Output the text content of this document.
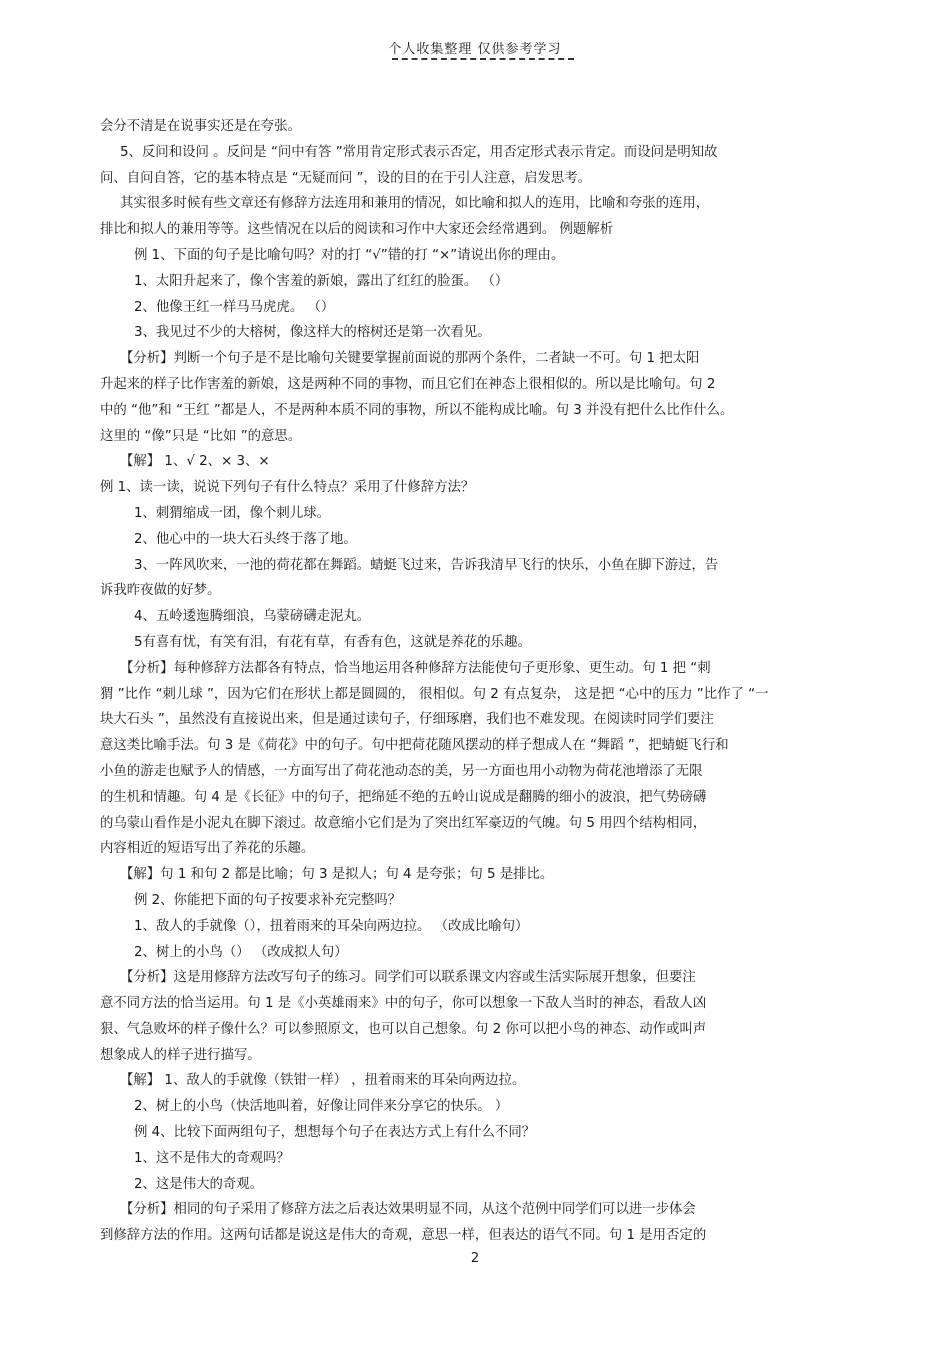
个人收集整理 仅供参考学习
会分不清是在说事实还是在夸张。
5、反问和设问 。反问是 “问中有答 ”常用肯定形式表示否定，用否定形式表示肯定。而设问是明知故
问、自问自答，它的基本特点是 “无疑而问 ”，设的目的在于引人注意，启发思考。
其实很多时候有些文章还有修辞方法连用和兼用的情况，如比喻和拟人的连用，比喻和夸张的连用，
排比和拟人的兼用等等。这些情况在以后的阅读和习作中大家还会经常遇到。 例题解析
例 1、下面的句子是比喻句吗？对的打 “√”错的打 “×”请说出你的理由。
1、太阳升起来了，像个害羞的新娘，露出了红红的脸蛋。 （）
2、他像王红一样马马虎虎。 （）
3、我见过不少的大榕树，像这样大的榕树还是第一次看见。
【分析】判断一个句子是不是比喻句关键要掌握前面说的那两个条件，二者缺一不可。句 1 把太阳
升起来的样子比作害羞的新娘，这是两种不同的事物，而且它们在神态上很相似的。所以是比喻句。句 2
中的 “他”和 “王红 ”都是人，不是两种本质不同的事物，所以不能构成比喻。句 3 并没有把什么比作什么。
这里的 “像”只是 “比如 ”的意思。
【解】 1、√ 2、× 3、×
例 1、读一读，说说下列句子有什么特点？采用了什修辞方法？
1、刺猬缩成一团，像个刺儿球。
2、他心中的一块大石头终于落了地。
3、一阵风吹来，一池的荷花都在舞蹈。蜻蜓飞过来，告诉我清早飞行的快乐，小鱼在脚下游过，告
诉我昨夜做的好梦。
4、五岭逶迤腾细浪，乌蒙磅礴走泥丸。
5有喜有忧，有笑有泪，有花有草，有香有色，这就是养花的乐趣。
【分析】每种修辞方法都各有特点，恰当地运用各种修辞方法能使句子更形象、更生动。句 1 把 “刺
猬 ”比作 “刺儿球 ”，因为它们在形状上都是圆圆的， 很相似。句 2 有点复杂， 这是把 “心中的压力 ”比作了 “一
块大石头 ”，虽然没有直接说出来，但是通过读句子，仔细琢磨，我们也不难发现。在阅读时同学们要注
意这类比喻手法。句 3 是《荷花》中的句子。句中把荷花随风摆动的样子想成人在 “舞蹈 ”，把蜻蜓飞行和
小鱼的游走也赋予人的情感，一方面写出了荷花池动态的美，另一方面也用小动物为荷花池增添了无限
的生机和情趣。句 4 是《长征》中的句子，把绵延不绝的五岭山说成是翻腾的细小的波浪，把气势磅礴
的乌蒙山看作是小泥丸在脚下滚过。故意缩小它们是为了突出红军豪迈的气魄。句 5 用四个结构相同，
内容相近的短语写出了养花的乐趣。
【解】句 1 和句 2 都是比喻；句 3 是拟人；句 4 是夸张；句 5 是排比。
例 2、你能把下面的句子按要求补充完整吗？
1、敌人的手就像（），扭着雨来的耳朵向两边拉。 （改成比喻句）
2、树上的小鸟（） （改成拟人句）
【分析】这是用修辞方法改写句子的练习。同学们可以联系课文内容或生活实际展开想象，但要注
意不同方法的恰当运用。句 1 是《小英雄雨来》中的句子，你可以想象一下敌人当时的神态，看敌人凶
狠、气急败坏的样子像什么？可以参照原文，也可以自己想象。句 2 你可以把小鸟的神态、动作或叫声
想象成人的样子进行描写。
【解】 1、敌人的手就像（铁钳一样） ，扭着雨来的耳朵向两边拉。
2、树上的小鸟（快活地叫着，好像让同伴来分享它的快乐。 ）
例 4、比较下面两组句子，想想每个句子在表达方式上有什么不同？
1、这不是伟大的奇观吗？
2、这是伟大的奇观。
【分析】相同的句子采用了修辞方法之后表达效果明显不同，从这个范例中同学们可以进一步体会
到修辞方法的作用。这两句话都是说这是伟大的奇观，意思一样，但表达的语气不同。句 1 是用否定的
2
